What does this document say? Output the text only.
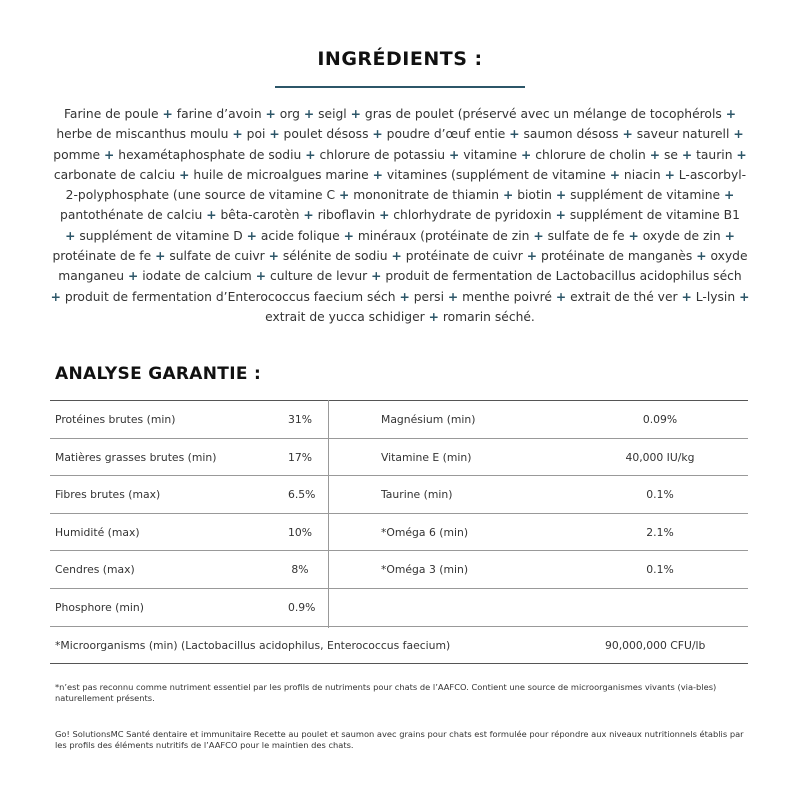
INGRÉDIENTS :
Farine de poule + farine d’avoin + org + seigl + gras de poulet (préservé avec un mélange de tocophérols +
herbe de miscanthus moulu + poi + poulet désoss + poudre d’œuf entie + saumon désoss + saveur naturell +
pomme + hexamétaphosphate de sodiu + chlorure de potassiu + vitamine + chlorure de cholin + se + taurin +
carbonate de calciu + huile de microalgues marine + vitamines (supplément de vitamine + niacin + L-ascorbyl-
2-polyphosphate (une source de vitamine C + mononitrate de thiamin + biotin + supplément de vitamine +
pantothénate de calciu + bêta-carotèn + riboflavin + chlorhydrate de pyridoxin + supplément de vitamine B1
+ supplément de vitamine D + acide folique + minéraux (protéinate de zin + sulfate de fe + oxyde de zin +
protéinate de fe + sulfate de cuivr + sélénite de sodiu + protéinate de cuivr + protéinate de manganès + oxyde
manganeu + iodate de calcium + culture de levur + produit de fermentation de Lactobacillus acidophilus séch
+ produit de fermentation d’Enterococcus faecium séch + persi + menthe poivré + extrait de thé ver + L-lysin +
extrait de yucca schidiger + romarin séché.
ANALYSE GARANTIE :
Protéines brutes (min)	31%	Magnésium (min)	0.09%
Matières grasses brutes (min)	17%	Vitamine E (min)	40,000 IU/kg
Fibres brutes (max)	6.5%	Taurine (min)	0.1%
Humidité (max)	10%	*Oméga 6 (min)	2.1%
Cendres (max)	8%	*Oméga 3 (min)	0.1%
Phosphore (min)	0.9%
*Microorganisms (min) (Lactobacillus acidophilus, Enterococcus faecium)	90,000,000 CFU/lb
*n’est pas reconnu comme nutriment essentiel par les profils de nutriments pour chats de l’AAFCO. Contient une source de microorganismes vivants (via-bles) naturellement présents.
Go! SolutionsMC Santé dentaire et immunitaire Recette au poulet et saumon avec grains pour chats est formulée pour répondre aux niveaux nutritionnels établis par les profils des éléments nutritifs de l’AAFCO pour le maintien des chats.
